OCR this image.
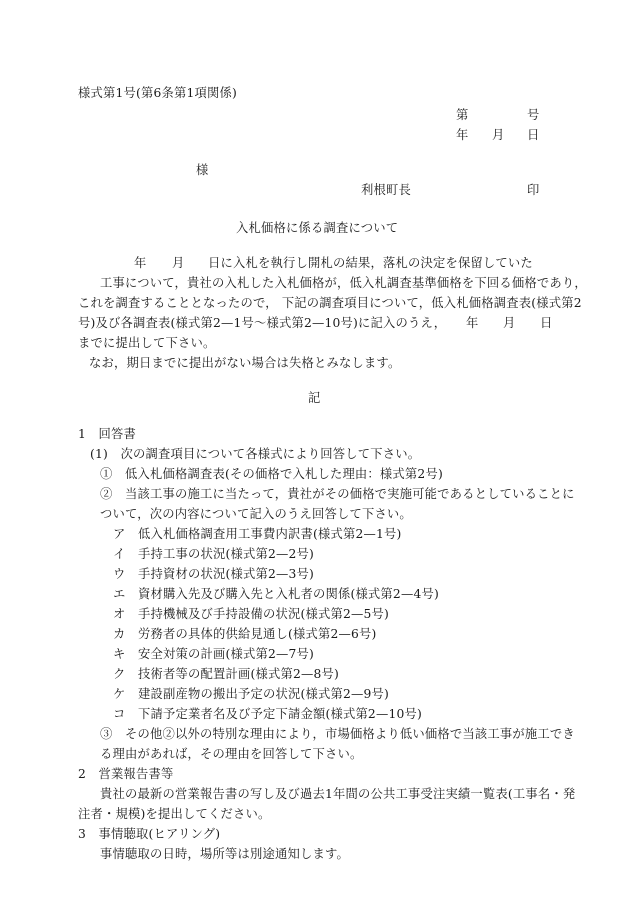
様式第1号(第6条第1項関係)
第	号
年 月 日
様
利根町長	印
入札価格に係る調査について
年 月 日に入札を執行し開札の結果，落札の決定を保留していた
工事について，貴社の入札した入札価格が，低入札調査基準価格を下回る価格であり，
これを調査することとなったので， 下記の調査項目について，低入札価格調査表(様式第2
号)及び各調査表(様式第2—1号～様式第2—10号)に記入のうえ， 年 月 日
までに提出して下さい。
なお，期日までに提出がない場合は失格とみなします。
記
1　回答書
(1)　次の調査項目について各様式により回答して下さい。
①　低入札価格調査表(その価格で入札した理由：様式第2号)
②　当該工事の施工に当たって，貴社がその価格で実施可能であるとしていることに
ついて，次の内容について記入のうえ回答して下さい。
ア　低入札価格調査用工事費内訳書(様式第2—1号)
イ　手持工事の状況(様式第2—2号)
ウ　手持資材の状況(様式第2—3号)
エ　資材購入先及び購入先と入札者の関係(様式第2—4号)
オ　手持機械及び手持設備の状況(様式第2—5号)
カ　労務者の具体的供給見通し(様式第2—6号)
キ　安全対策の計画(様式第2—7号)
ク　技術者等の配置計画(様式第2—8号)
ケ　建設副産物の搬出予定の状況(様式第2—9号)
コ　下請予定業者名及び予定下請金額(様式第2—10号)
③　その他②以外の特別な理由により，市場価格より低い価格で当該工事が施工でき
る理由があれば，その理由を回答して下さい。
2　営業報告書等
貴社の最新の営業報告書の写し及び過去1年間の公共工事受注実績一覧表(工事名・発
注者・規模)を提出してください。
3　事情聴取(ヒアリング)
事情聴取の日時，場所等は別途通知します。
